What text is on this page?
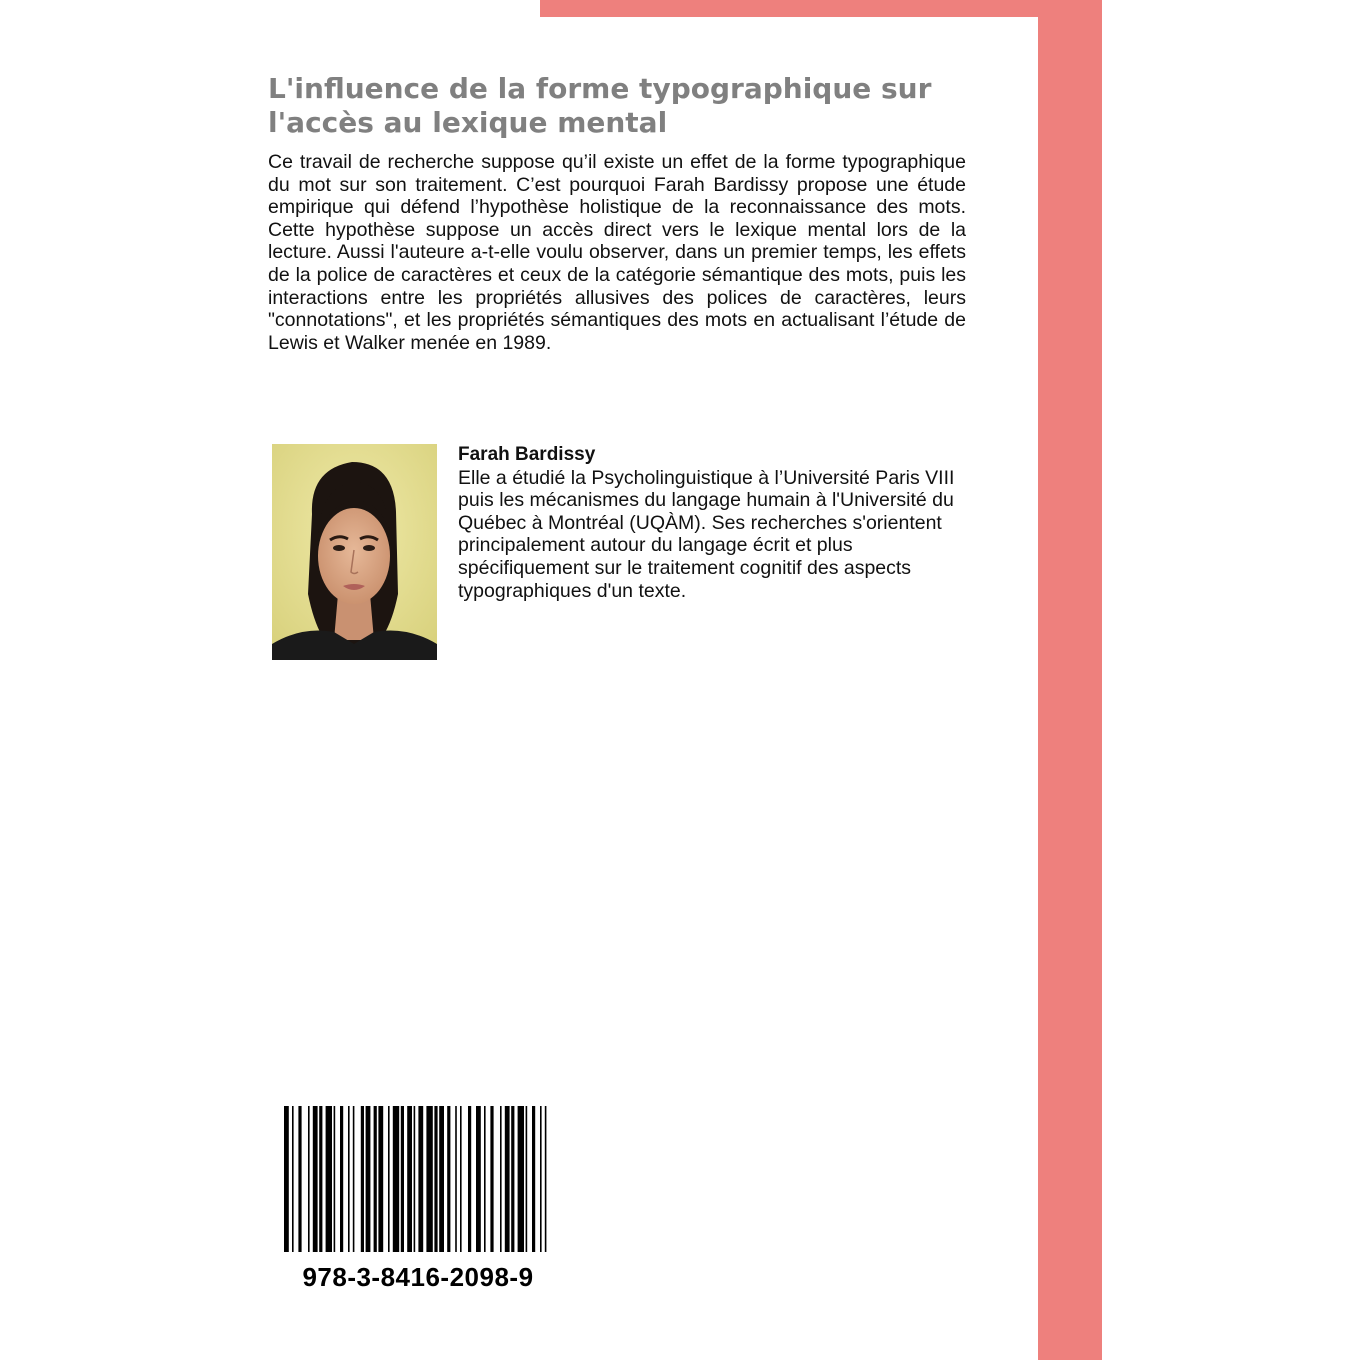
L'influence de la forme typographique sur l'accès au lexique mental

Ce travail de recherche suppose qu’il existe un effet de la forme typographique du mot sur son traitement. C’est pourquoi Farah Bardissy propose une étude empirique qui défend l’hypothèse holistique de la reconnaissance des mots. Cette hypothèse suppose un accès direct vers le lexique mental lors de la lecture. Aussi l'auteure a-t-elle voulu observer, dans un premier temps, les effets de la police de caractères et ceux de la catégorie sémantique des mots, puis les interactions entre les propriétés allusives des polices de caractères, leurs "connotations", et les propriétés sémantiques des mots en actualisant l’étude de Lewis et Walker menée en 1989.

Farah Bardissy

Elle a étudié la Psycholinguistique à l’Université Paris VIII puis les mécanismes du langage humain à l'Université du Québec à Montréal (UQÀM). Ses recherches s'orientent principalement autour du langage écrit et plus spécifiquement sur le traitement cognitif des aspects typographiques d'un texte.

978-3-8416-2098-9
